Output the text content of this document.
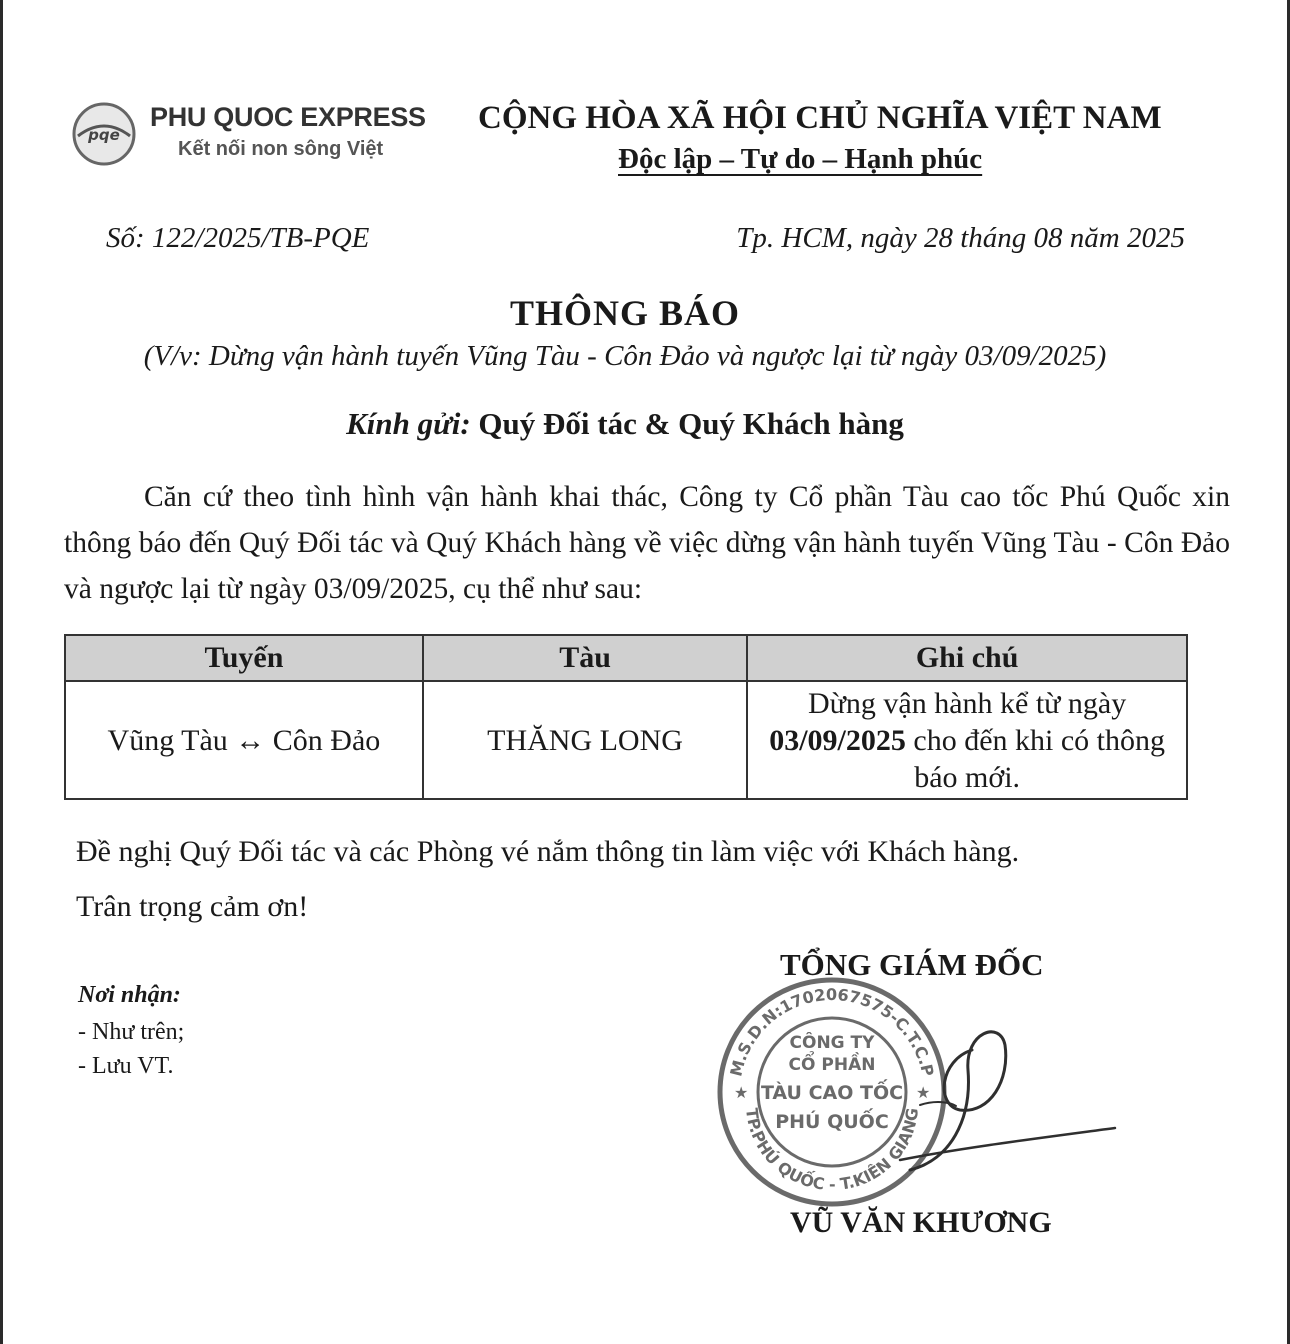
pqe
PHU QUOC EXPRESS
Kết nối non sông Việt
CỘNG HÒA XÃ HỘI CHỦ NGHĨA VIỆT NAM
Độc lập – Tự do – Hạnh phúc
Số: 122/2025/TB-PQE	Tp. HCM, ngày 28 tháng 08 năm 2025
THÔNG BÁO
(V/v: Dừng vận hành tuyến Vũng Tàu - Côn Đảo và ngược lại từ ngày 03/09/2025)
Kính gửi: Quý Đối tác & Quý Khách hàng
Căn cứ theo tình hình vận hành khai thác, Công ty Cổ phần Tàu cao tốc Phú Quốc xin thông báo đến Quý Đối tác và Quý Khách hàng về việc dừng vận hành tuyến Vũng Tàu - Côn Đảo và ngược lại từ ngày 03/09/2025, cụ thể như sau:
Tuyến	Tàu	Ghi chú
Vũng Tàu ↔ Côn Đảo	THĂNG LONG	Dừng vận hành kể từ ngày
03/09/2025 cho đến khi có thông báo mới.
Đề nghị Quý Đối tác và các Phòng vé nắm thông tin làm việc với Khách hàng.
Trân trọng cảm ơn!
Nơi nhận:
- Như trên;
- Lưu VT.
TỔNG GIÁM ĐỐC
M.S.D.N:1702067575-C.T.C.P
TP.PHÚ QUỐC - T.KIÊN GIANG
★	★
CÔNG TY
CỔ PHẦN
TÀU CAO TỐC
PHÚ QUỐC
VŨ VĂN KHƯƠNG
